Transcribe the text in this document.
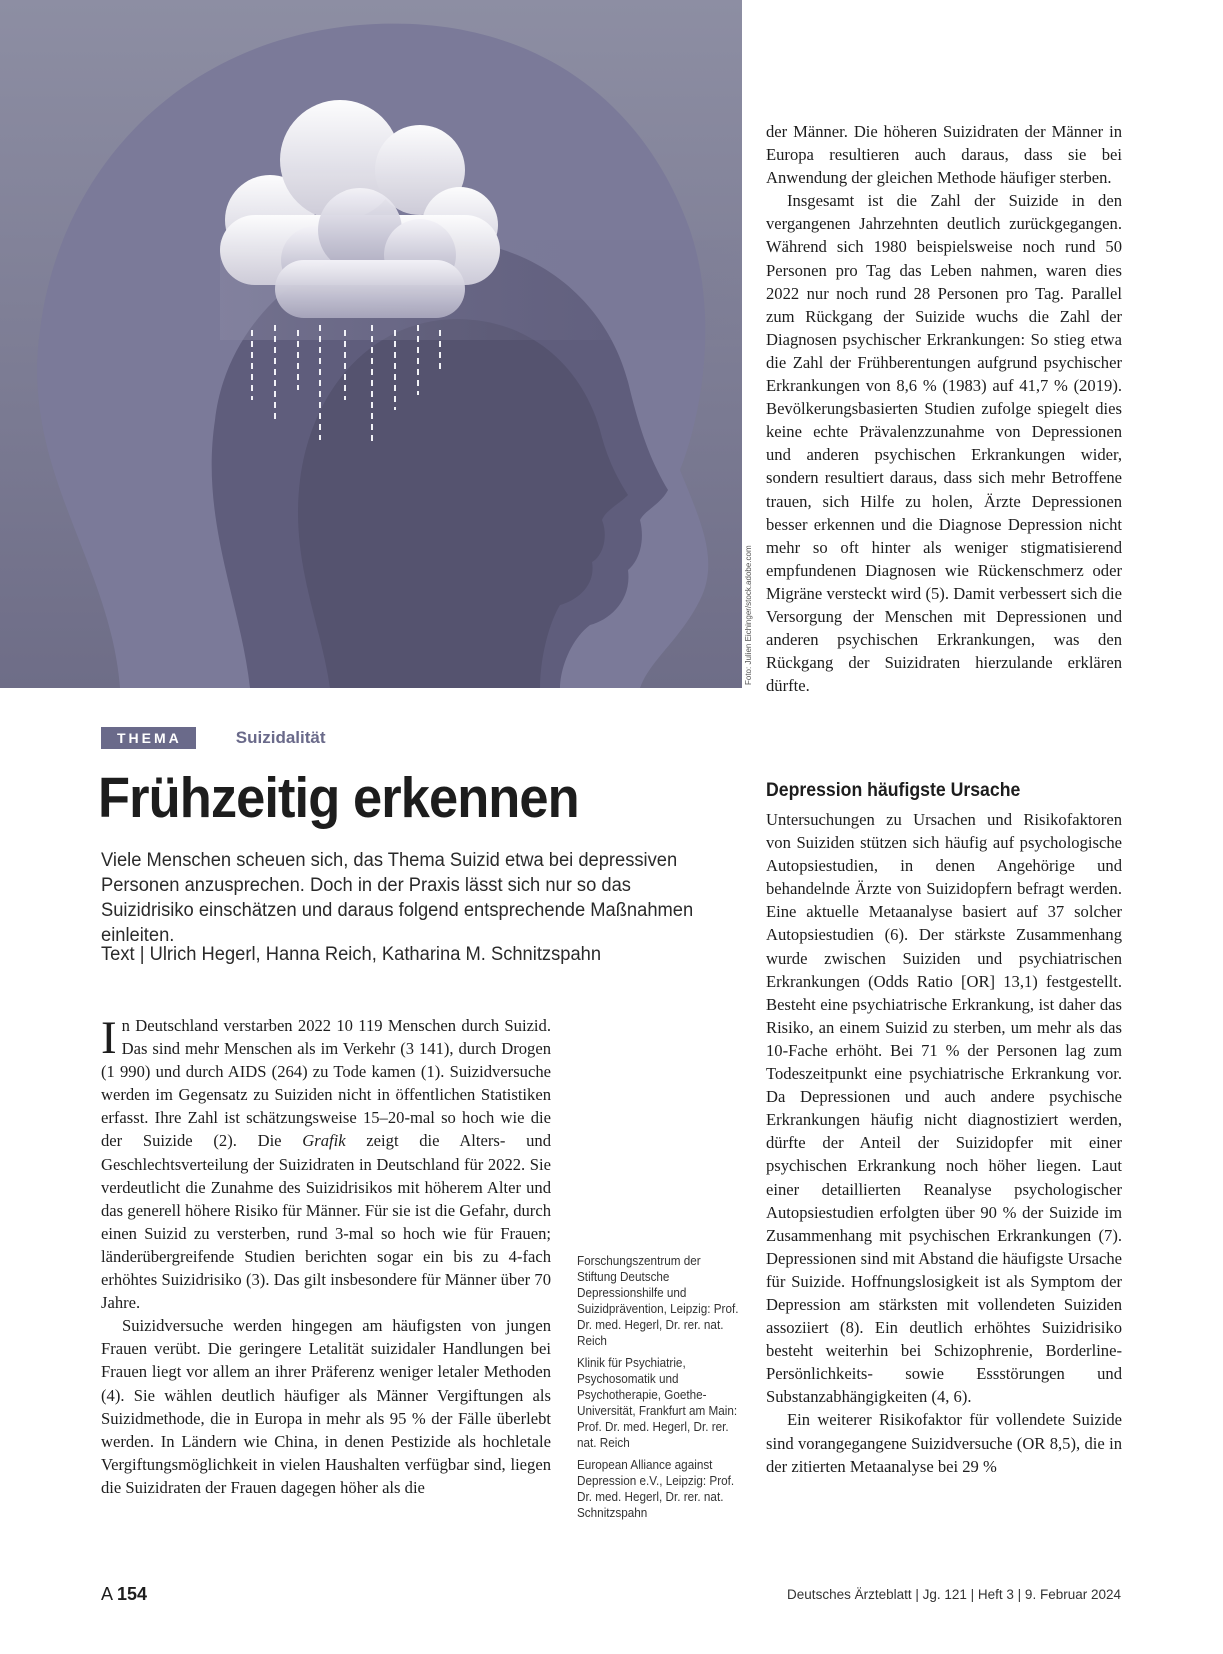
Foto: Julien Eichinger/stock.adobe.com
THEMA	Suizidalität
Frühzeitig erkennen

Viele Menschen scheuen sich, das Thema Suizid etwa bei depressiven Personen anzusprechen. Doch in der Praxis lässt sich nur so das Suizidrisiko einschätzen und daraus folgend entsprechende Maßnahmen einleiten.

Text | Ulrich Hegerl, Hanna Reich, Katharina M. Schnitzspahn

In Deutschland verstarben 2022 10 119 Menschen durch Suizid. Das sind mehr Menschen als im Verkehr (3 141), durch Drogen (1 990) und durch AIDS (264) zu Tode kamen (1). Suizidversuche werden im Gegensatz zu Suiziden nicht in öffentlichen Statistiken erfasst. Ihre Zahl ist schätzungsweise 15–20-mal so hoch wie die der Suizide (2). Die Grafik zeigt die Alters- und Geschlechtsverteilung der Suizidraten in Deutschland für 2022. Sie verdeutlicht die Zunahme des Suizidrisikos mit höherem Alter und das generell höhere Risiko für Männer. Für sie ist die Gefahr, durch einen Suizid zu versterben, rund 3-mal so hoch wie für Frauen; länderübergreifende Studien berichten sogar ein bis zu 4-fach erhöhtes Suizidrisiko (3). Das gilt insbesondere für Männer über 70 Jahre.

Suizidversuche werden hingegen am häufigsten von jungen Frauen verübt. Die geringere Letalität suizidaler Handlungen bei Frauen liegt vor allem an ihrer Präferenz weniger letaler Methoden (4). Sie wählen deutlich häufiger als Männer Vergiftungen als Suizidmethode, die in Europa in mehr als 95 % der Fälle überlebt werden. In Ländern wie China, in denen Pestizide als hochletale Vergiftungsmöglichkeit in vielen Haushalten verfügbar sind, liegen die Suizidraten der Frauen dagegen höher als die

Forschungszentrum der Stiftung Deutsche Depressionshilfe und Suizidprävention, Leipzig: Prof. Dr. med. Hegerl, Dr. rer. nat. Reich

Klinik für Psychiatrie, Psychosomatik und Psychotherapie, Goethe-Universität, Frankfurt am Main: Prof. Dr. med. Hegerl, Dr. rer. nat. Reich

European Alliance against Depression e.V., Leipzig: Prof. Dr. med. Hegerl, Dr. rer. nat. Schnitzspahn

der Männer. Die höheren Suizidraten der Männer in Europa resultieren auch daraus, dass sie bei Anwendung der gleichen Methode häufiger sterben.

Insgesamt ist die Zahl der Suizide in den vergangenen Jahrzehnten deutlich zurückgegangen. Während sich 1980 beispielsweise noch rund 50 Personen pro Tag das Leben nahmen, waren dies 2022 nur noch rund 28 Personen pro Tag. Parallel zum Rückgang der Suizide wuchs die Zahl der Diagnosen psychischer Erkrankungen: So stieg etwa die Zahl der Frühberentungen aufgrund psychischer Erkrankungen von 8,6 % (1983) auf 41,7 % (2019). Bevölkerungsbasierten Studien zufolge spiegelt dies keine echte Prävalenzzunahme von Depressionen und anderen psychischen Erkrankungen wider, sondern resultiert daraus, dass sich mehr Betroffene trauen, sich Hilfe zu holen, Ärzte Depressionen besser erkennen und die Diagnose Depression nicht mehr so oft hinter als weniger stigmatisierend empfundenen Diagnosen wie Rückenschmerz oder Migräne versteckt wird (5). Damit verbessert sich die Versorgung der Menschen mit Depressionen und anderen psychischen Erkrankungen, was den Rückgang der Suizidraten hierzulande erklären dürfte.

Depression häufigste Ursache

Untersuchungen zu Ursachen und Risikofaktoren von Suiziden stützen sich häufig auf psychologische Autopsiestudien, in denen Angehörige und behandelnde Ärzte von Suizidopfern befragt werden. Eine aktuelle Metaanalyse basiert auf 37 solcher Autopsiestudien (6). Der stärkste Zusammenhang wurde zwischen Suiziden und psychiatrischen Erkrankungen (Odds Ratio [OR] 13,1) festgestellt. Besteht eine psychiatrische Erkrankung, ist daher das Risiko, an einem Suizid zu sterben, um mehr als das 10-Fache erhöht. Bei 71 % der Personen lag zum Todeszeitpunkt eine psychiatrische Erkrankung vor. Da Depressionen und auch andere psychische Erkrankungen häufig nicht diagnostiziert werden, dürfte der Anteil der Suizidopfer mit einer psychischen Erkrankung noch höher liegen. Laut einer detaillierten Reanalyse psychologischer Autopsiestudien erfolgten über 90 % der Suizide im Zusammenhang mit psychischen Erkrankungen (7). Depressionen sind mit Abstand die häufigste Ursache für Suizide. Hoffnungslosigkeit ist als Symptom der Depression am stärksten mit vollendeten Suiziden assoziiert (8). Ein deutlich erhöhtes Suizidrisiko besteht weiterhin bei Schizophrenie, Borderline-Persönlichkeits- sowie Essstörungen und Substanzabhängigkeiten (4, 6).

Ein weiterer Risikofaktor für vollendete Suizide sind vorangegangene Suizidversuche (OR 8,5), die in der zitierten Metaanalyse bei 29 %

A 154	Deutsches Ärzteblatt | Jg. 121 | Heft 3 | 9. Februar 2024
